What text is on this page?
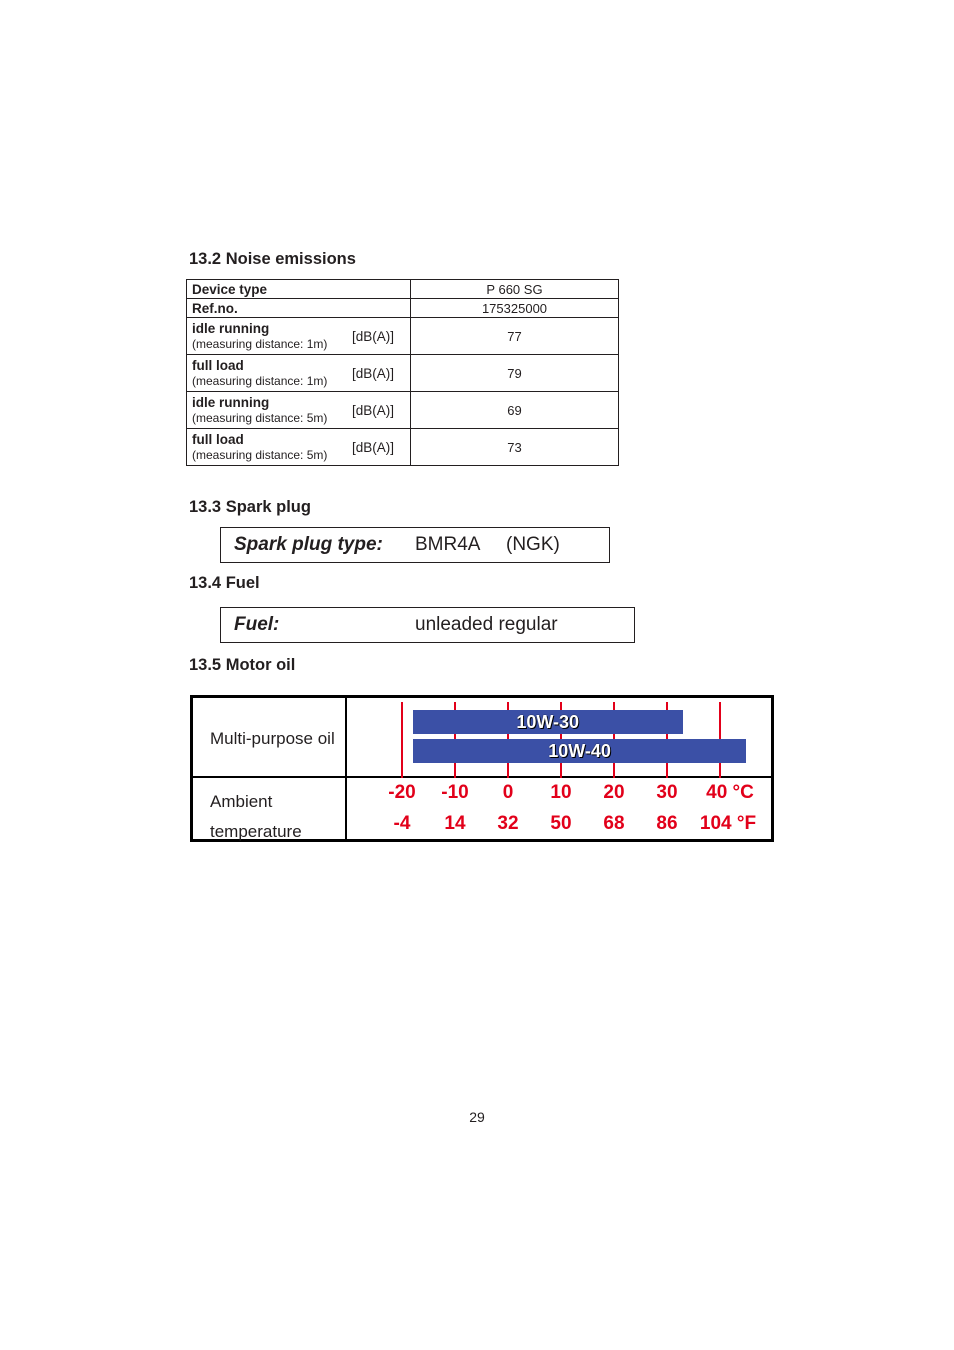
13.2 Noise emissions
Device type	P 660 SG
Ref.no.	175325000

idle running
(measuring distance: 1m) [dB(A)]	77

full load
(measuring distance: 1m) [dB(A)]	79

idle running
(measuring distance: 5m) [dB(A)]	69

full load
(measuring distance: 5m) [dB(A)]	73
13.3 Spark plug
Spark plug type: BMR4A (NGK)
13.4 Fuel
Fuel:	unleaded regular
13.5 Motor oil
Multi-purpose oil
Ambient temperature
-20
-4
-10
14
0
32
10
50
20
68
30
86
40 °C
104 °F
10W-30
10W-40
29
